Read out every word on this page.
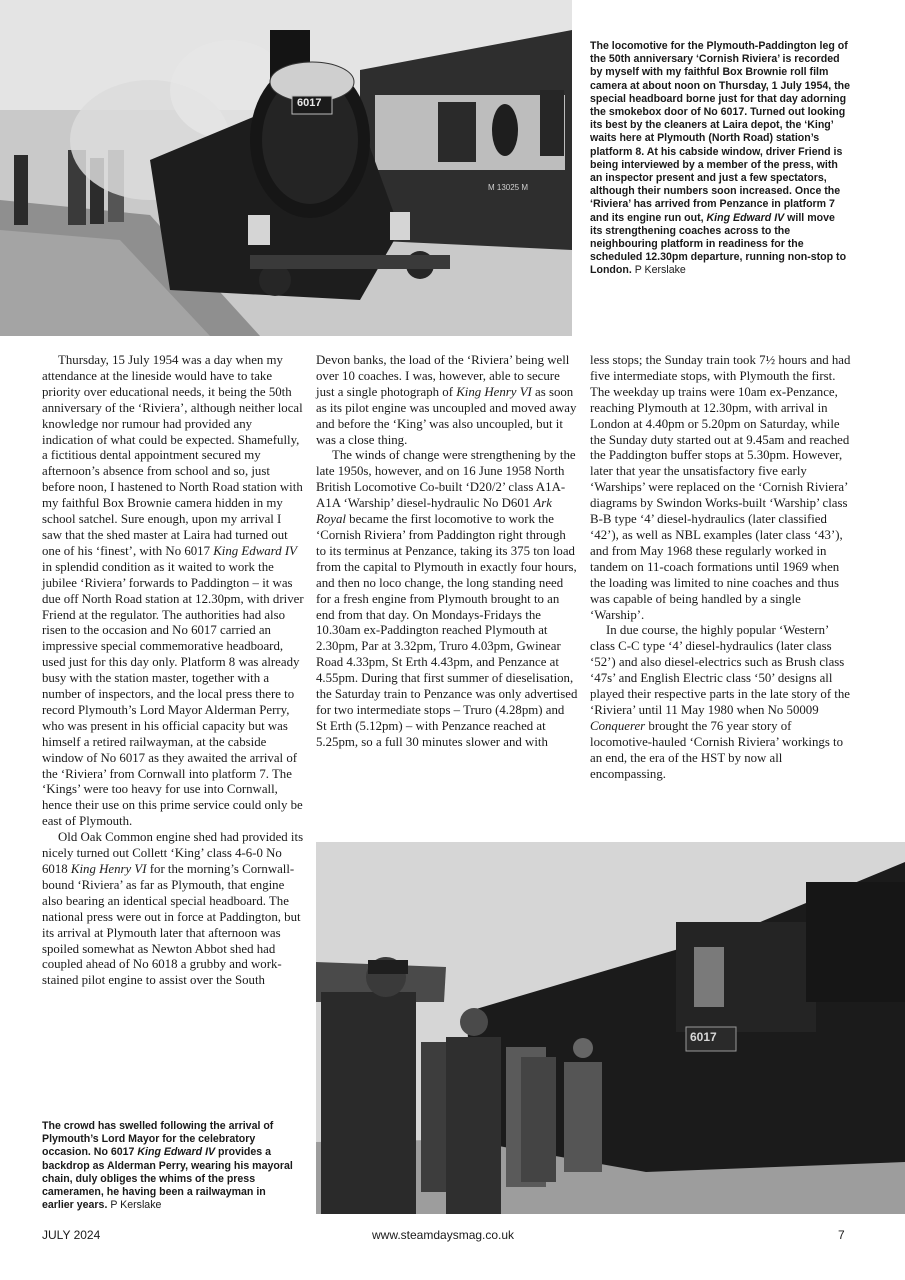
6017
M 13025 M
The locomotive for the Plymouth-Paddington leg of the 50th anniversary ‘Cornish Riviera’ is recorded by myself with my faithful Box Brownie roll film camera at about noon on Thursday, 1 July 1954, the special headboard borne just for that day adorning the smokebox door of No 6017. Turned out looking its best by the cleaners at Laira depot, the ‘King’ waits here at Plymouth (North Road) station’s platform 8. At his cabside window, driver Friend is being interviewed by a member of the press, with an inspector present and just a few spectators, although their numbers soon increased. Once the ‘Riviera’ has arrived from Penzance in platform 7 and its engine run out, King Edward IV will move its strengthening coaches across to the neighbouring platform in readiness for the scheduled 12.30pm departure, running non-stop to London. P Kerslake

Thursday, 15 July 1954 was a day when my attendance at the lineside would have to take priority over educational needs, it being the 50th anniversary of the ‘Riviera’, although neither local knowledge nor rumour had provided any indication of what could be expected. Shamefully, a fictitious dental appointment secured my afternoon’s absence from school and so, just before noon, I hastened to North Road station with my faithful Box Brownie camera hidden in my school satchel. Sure enough, upon my arrival I saw that the shed master at Laira had turned out one of his ‘finest’, with No 6017 King Edward IV in splendid condition as it waited to work the jubilee ‘Riviera’ forwards to Paddington – it was due off North Road station at 12.30pm, with driver Friend at the regulator. The authorities had also risen to the occasion and No 6017 carried an impressive special commemorative headboard, used just for this day only. Platform 8 was already busy with the station master, together with a number of inspectors, and the local press there to record Plymouth’s Lord Mayor Alderman Perry, who was present in his official capacity but was himself a retired railwayman, at the cabside window of No 6017 as they awaited the arrival of the ‘Riviera’ from Cornwall into platform 7. The ‘Kings’ were too heavy for use into Cornwall, hence their use on this prime service could only be east of Plymouth.

Old Oak Common engine shed had provided its nicely turned out Collett ‘King’ class 4-6-0 No 6018 King Henry VI for the morning’s Cornwall-bound ‘Riviera’ as far as Plymouth, that engine also bearing an identical special headboard. The national press were out in force at Paddington, but its arrival at Plymouth later that afternoon was spoiled somewhat as Newton Abbot shed had coupled ahead of No 6018 a grubby and work-stained pilot engine to assist over the South

Devon banks, the load of the ‘Riviera’ being well over 10 coaches. I was, however, able to secure just a single photograph of King Henry VI as soon as its pilot engine was uncoupled and moved away and before the ‘King’ was also uncoupled, but it was a close thing.

The winds of change were strengthening by the late 1950s, however, and on 16 June 1958 North British Locomotive Co-built ‘D20/2’ class A1A-A1A ‘Warship’ diesel-hydraulic No D601 Ark Royal became the first locomotive to work the ‘Cornish Riviera’ from Paddington right through to its terminus at Penzance, taking its 375 ton load from the capital to Plymouth in exactly four hours, and then no loco change, the long standing need for a fresh engine from Plymouth brought to an end from that day. On Mondays-Fridays the 10.30am ex-Paddington reached Plymouth at 2.30pm, Par at 3.32pm, Truro 4.03pm, Gwinear Road 4.33pm, St Erth 4.43pm, and Penzance at 4.55pm. During that first summer of dieselisation, the Saturday train to Penzance was only advertised for two intermediate stops – Truro (4.28pm) and St Erth (5.12pm) – with Penzance reached at 5.25pm, so a full 30 minutes slower and with

less stops; the Sunday train took 7½ hours and had five intermediate stops, with Plymouth the first. The weekday up trains were 10am ex-Penzance, reaching Plymouth at 12.30pm, with arrival in London at 4.40pm or 5.20pm on Saturday, while the Sunday duty started out at 9.45am and reached the Paddington buffer stops at 5.30pm. However, later that year the unsatisfactory five early ‘Warships’ were replaced on the ‘Cornish Riviera’ diagrams by Swindon Works-built ‘Warship’ class B-B type ‘4’ diesel-hydraulics (later classified ‘42’), as well as NBL examples (later class ‘43’), and from May 1968 these regularly worked in tandem on 11-coach formations until 1969 when the loading was limited to nine coaches and thus was capable of being handled by a single ‘Warship’.

In due course, the highly popular ‘Western’ class C-C type ‘4’ diesel-hydraulics (later class ‘52’) and also diesel-electrics such as Brush class ‘47s’ and English Electric class ‘50’ designs all played their respective parts in the late story of the ‘Riviera’ until 11 May 1980 when No 50009 Conquerer brought the 76 year story of locomotive-hauled ‘Cornish Riviera’ workings to an end, the era of the HST by now all encompassing.

6017
The crowd has swelled following the arrival of Plymouth’s Lord Mayor for the celebratory occasion. No 6017 King Edward IV provides a backdrop as Alderman Perry, wearing his mayoral chain, duly obliges the whims of the press cameramen, he having been a railwayman in earlier years. P Kerslake
JULY 2024	www.steamdaysmag.co.uk	7
